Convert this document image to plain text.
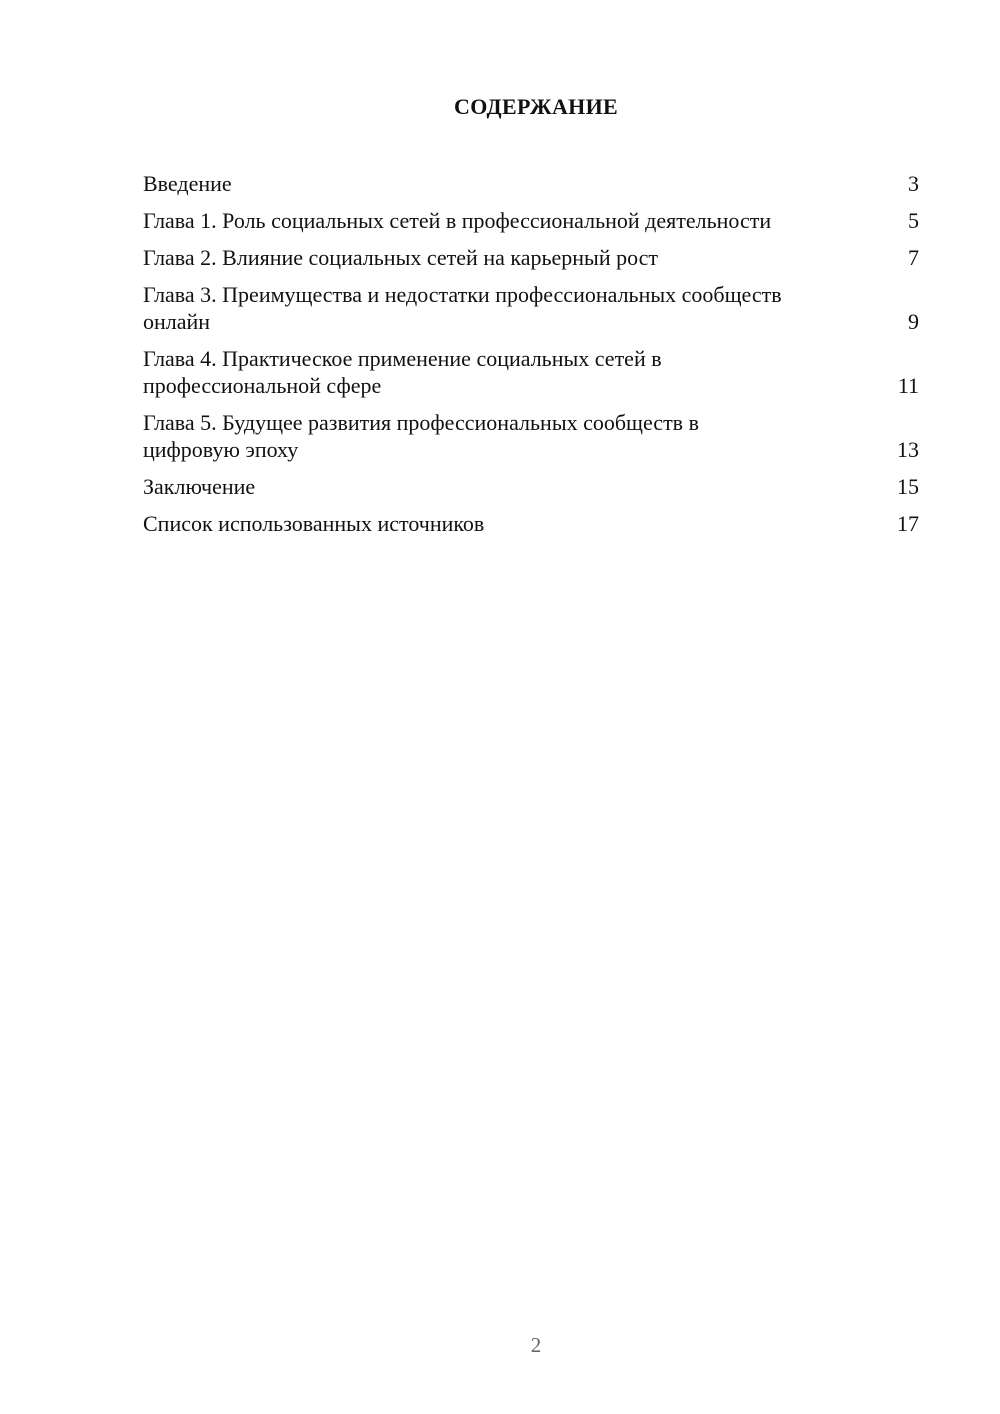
СОДЕРЖАНИЕ
Введение	3
Глава 1. Роль социальных сетей в профессиональной деятельности	5
Глава 2. Влияние социальных сетей на карьерный рост	7
Глава 3. Преимущества и недостатки профессиональных сообществ онлайн	9
Глава 4. Практическое применение социальных сетей в профессиональной сфере	11
Глава 5. Будущее развития профессиональных сообществ в цифровую эпоху	13
Заключение	15
Список использованных источников	17
2
